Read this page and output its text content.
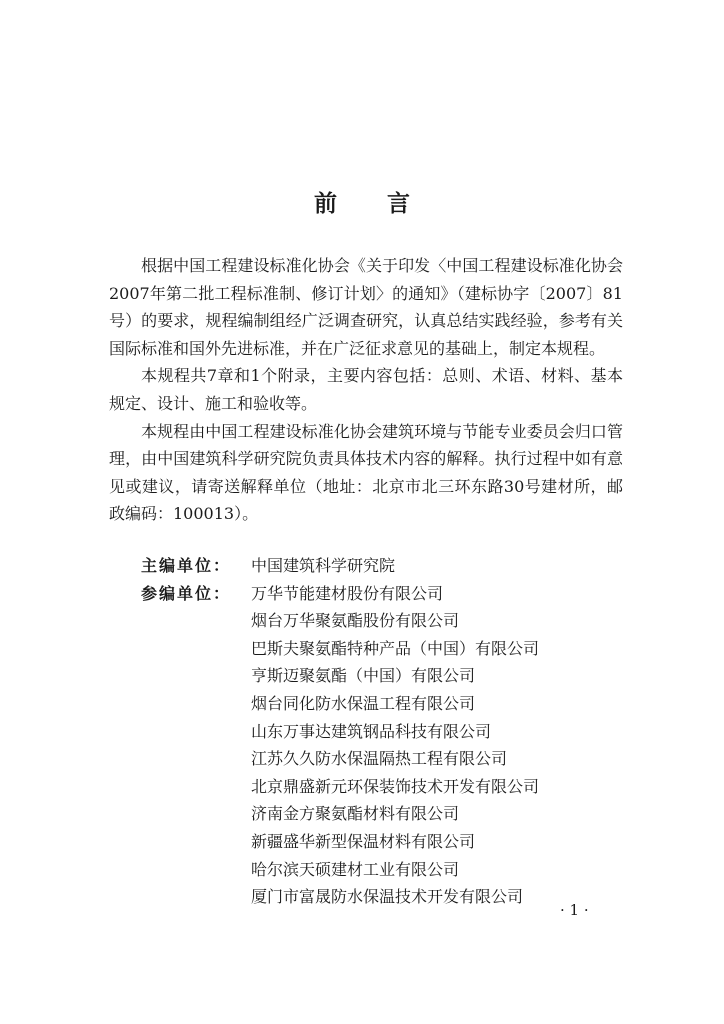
前 言

根据中国工程建设标准化协会《关于印发〈中国工程建设标准化协会2007年第二批工程标准制、修订计划〉的通知》（建标协字〔2007〕81号）的要求，规程编制组经广泛调查研究，认真总结实践经验，参考有关国际标准和国外先进标准，并在广泛征求意见的基础上，制定本规程。

本规程共7章和1个附录，主要内容包括：总则、术语、材料、基本规定、设计、施工和验收等。

本规程由中国工程建设标准化协会建筑环境与节能专业委员会归口管理，由中国建筑科学研究院负责具体技术内容的解释。执行过程中如有意见或建议，请寄送解释单位（地址：北京市北三环东路30号建材所，邮政编码：100013）。

主编单位：	中国建筑科学研究院
参编单位：	万华节能建材股份有限公司
烟台万华聚氨酯股份有限公司
巴斯夫聚氨酯特种产品（中国）有限公司
亨斯迈聚氨酯（中国）有限公司
烟台同化防水保温工程有限公司
山东万事达建筑钢品科技有限公司
江苏久久防水保温隔热工程有限公司
北京鼎盛新元环保装饰技术开发有限公司
济南金方聚氨酯材料有限公司
新疆盛华新型保温材料有限公司
哈尔滨天硕建材工业有限公司
厦门市富晟防水保温技术开发有限公司
· 1 ·
